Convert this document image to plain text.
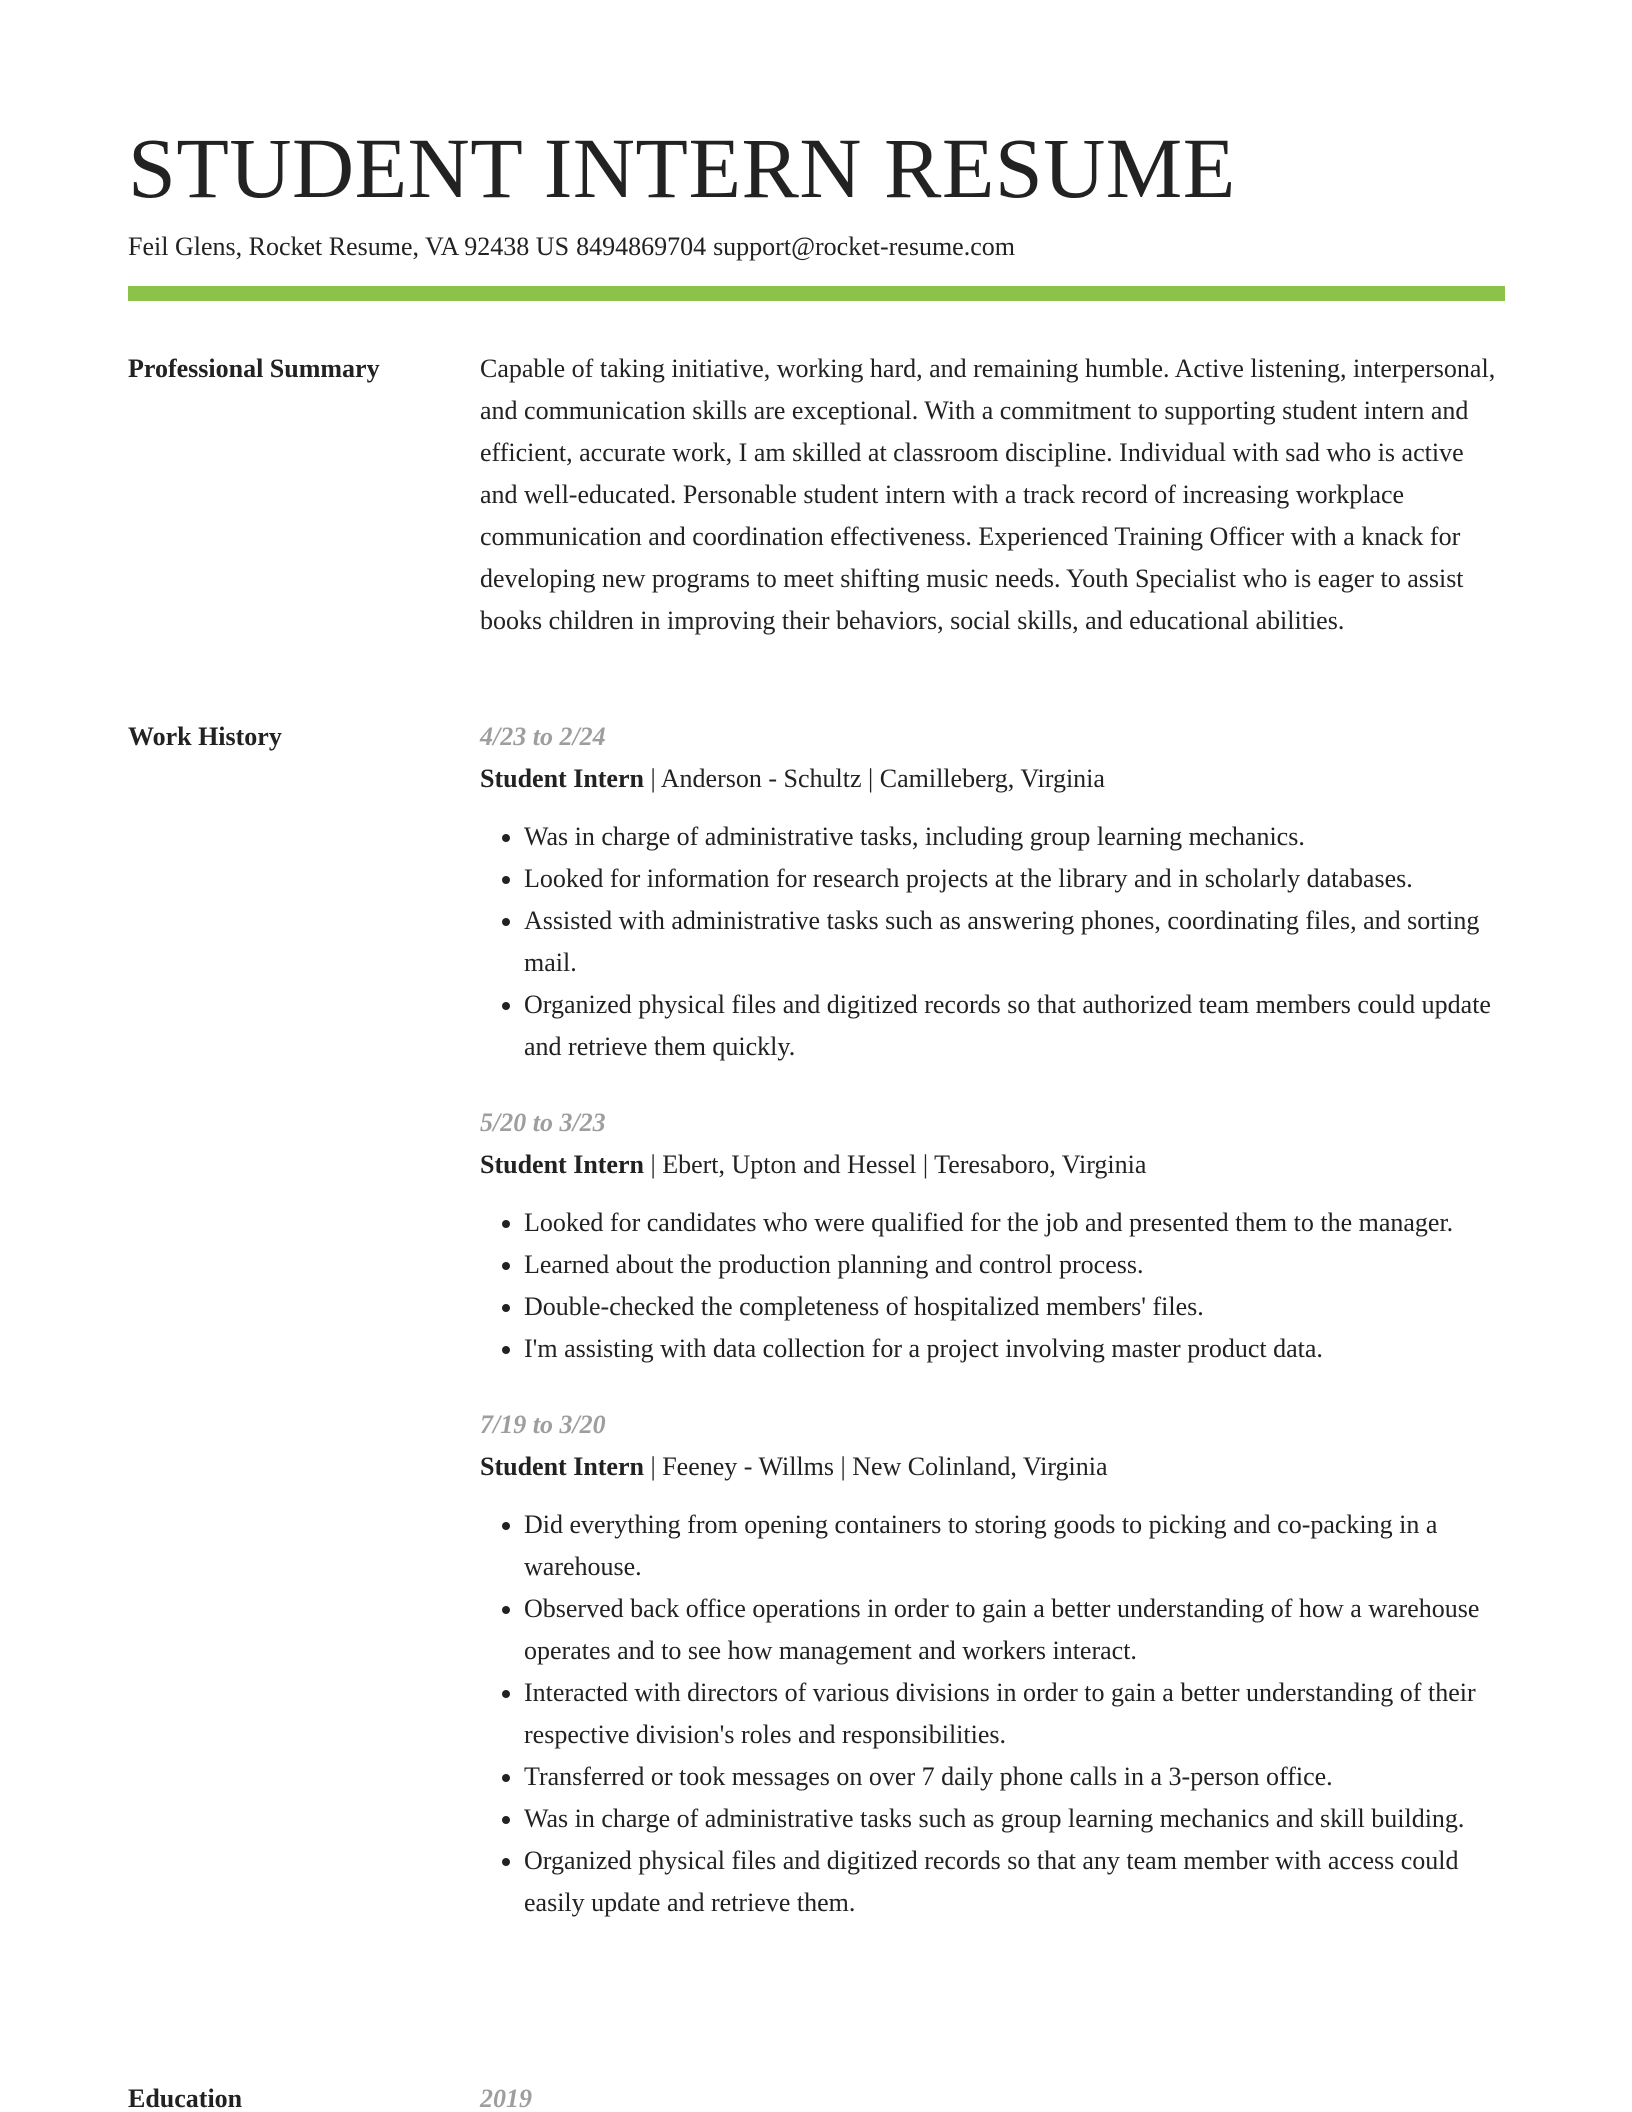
STUDENT INTERN RESUME
Feil Glens, Rocket Resume, VA 92438 US 8494869704 support@rocket-resume.com
Professional Summary	Capable of taking initiative, working hard, and remaining humble. Active listening, interpersonal, and communication skills are exceptional. With a commitment to supporting student intern and efficient, accurate work, I am skilled at classroom discipline. Individual with sad who is active and well-educated. Personable student intern with a track record of increasing workplace communication and coordination effectiveness. Experienced Training Officer with a knack for developing new programs to meet shifting music needs. Youth Specialist who is eager to assist books children in improving their behaviors, social skills, and educational abilities.

Work History	4/23 to 2/24
Student Intern | Anderson - Schultz | Camilleberg, Virginia
• Was in charge of administrative tasks, including group learning mechanics.
• Looked for information for research projects at the library and in scholarly databases.
• Assisted with administrative tasks such as answering phones, coordinating files, and sorting mail.
• Organized physical files and digitized records so that authorized team members could update and retrieve them quickly.
5/20 to 3/23
Student Intern | Ebert, Upton and Hessel | Teresaboro, Virginia
• Looked for candidates who were qualified for the job and presented them to the manager.
• Learned about the production planning and control process.
• Double-checked the completeness of hospitalized members' files.
• I'm assisting with data collection for a project involving master product data.
7/19 to 3/20
Student Intern | Feeney - Willms | New Colinland, Virginia
• Did everything from opening containers to storing goods to picking and co-packing in a warehouse.
• Observed back office operations in order to gain a better understanding of how a warehouse operates and to see how management and workers interact.
• Interacted with directors of various divisions in order to gain a better understanding of their respective division's roles and responsibilities.
• Transferred or took messages on over 7 daily phone calls in a 3-person office.
• Was in charge of administrative tasks such as group learning mechanics and skill building.
• Organized physical files and digitized records so that any team member with access could easily update and retrieve them.
Education	2019
